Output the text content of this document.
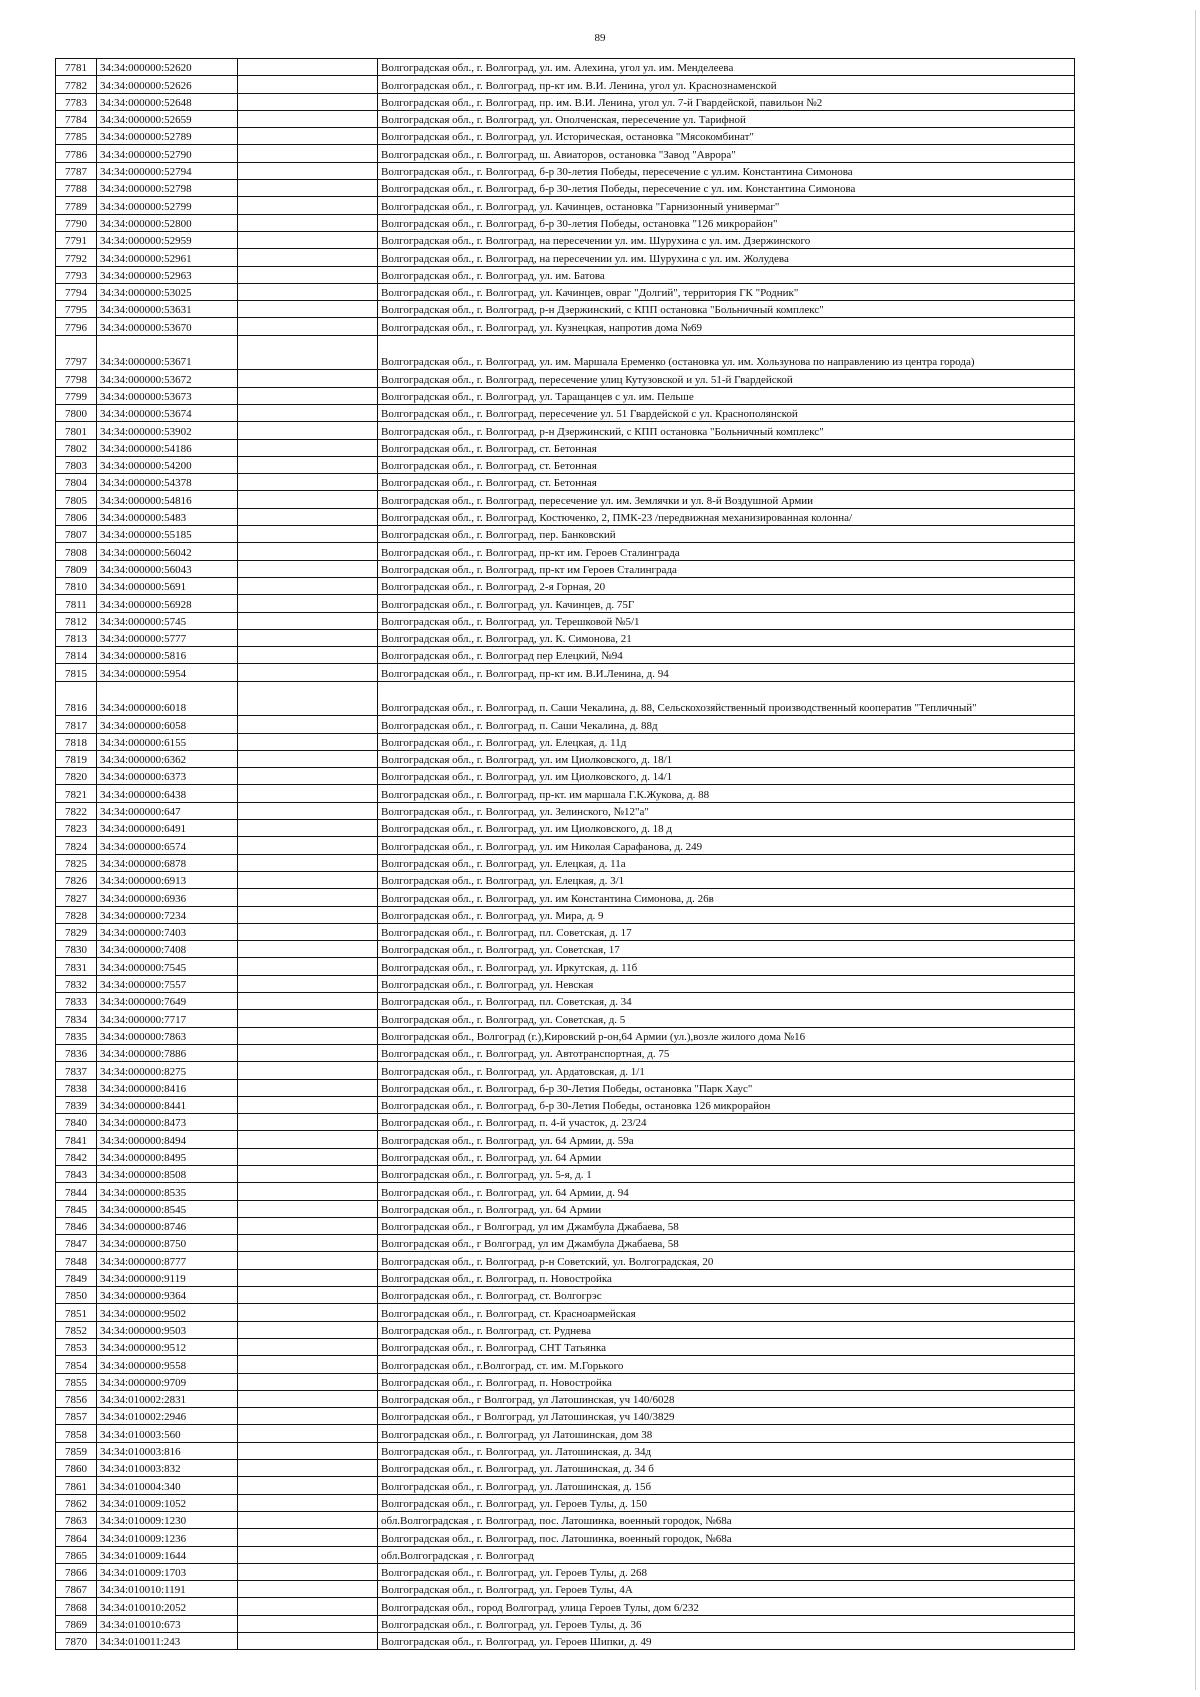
89
7781	34:34:000000:52620		Волгоградская обл., г. Волгоград, ул. им. Алехина, угол ул. им. Менделеева
7782	34:34:000000:52626		Волгоградская обл., г. Волгоград, пр-кт им. В.И. Ленина, угол ул. Краснознаменской
7783	34:34:000000:52648		Волгоградская обл., г. Волгоград, пр. им. В.И. Ленина, угол ул. 7-й Гвардейской, павильон №2
7784	34:34:000000:52659		Волгоградская обл., г. Волгоград, ул. Ополченская, пересечение ул. Тарифной
7785	34:34:000000:52789		Волгоградская обл., г. Волгоград, ул. Историческая, остановка "Мясокомбинат"
7786	34:34:000000:52790		Волгоградская обл., г. Волгоград, ш. Авиаторов, остановка "Завод "Аврора"
7787	34:34:000000:52794		Волгоградская обл., г. Волгоград, б-р 30-летия Победы, пересечение с ул.им. Константина Симонова
7788	34:34:000000:52798		Волгоградская обл., г. Волгоград, б-р 30-летия Победы, пересечение с ул. им. Константина Симонова
7789	34:34:000000:52799		Волгоградская обл., г. Волгоград, ул. Качинцев, остановка "Гарнизонный универмаг"
7790	34:34:000000:52800		Волгоградская обл., г. Волгоград, б-р 30-летия Победы, остановка "126 микрорайон"
7791	34:34:000000:52959		Волгоградская обл., г. Волгоград, на пересечении ул. им. Шурухина с ул. им. Дзержинского
7792	34:34:000000:52961		Волгоградская обл., г. Волгоград, на пересечении ул. им. Шурухина с ул. им. Жолудева
7793	34:34:000000:52963		Волгоградская обл., г. Волгоград, ул. им. Батова
7794	34:34:000000:53025		Волгоградская обл., г. Волгоград, ул. Качинцев, овраг "Долгий", территория ГК "Родник"
7795	34:34:000000:53631		Волгоградская обл., г. Волгоград, р-н Дзержинский, с КПП остановка "Больничный комплекс"
7796	34:34:000000:53670		Волгоградская обл., г. Волгоград, ул. Кузнецкая, напротив дома №69
7797	34:34:000000:53671		Волгоградская обл., г. Волгоград, ул. им. Маршала Еременко (остановка ул. им. Хользунова по направлению из центра города)
7798	34:34:000000:53672		Волгоградская обл., г. Волгоград, пересечение улиц Кутузовской и ул. 51-й Гвардейской
7799	34:34:000000:53673		Волгоградская обл., г. Волгоград, ул. Таращанцев с ул. им. Пельше
7800	34:34:000000:53674		Волгоградская обл., г. Волгоград, пересечение ул. 51 Гвардейской с ул. Краснополянской
7801	34:34:000000:53902		Волгоградская обл., г. Волгоград, р-н Дзержинский, с КПП остановка "Больничный комплекс"
7802	34:34:000000:54186		Волгоградская обл., г. Волгоград, ст. Бетонная
7803	34:34:000000:54200		Волгоградская обл., г. Волгоград, ст. Бетонная
7804	34:34:000000:54378		Волгоградская обл., г. Волгоград, ст. Бетонная
7805	34:34:000000:54816		Волгоградская обл., г. Волгоград, пересечение ул. им. Землячки и ул. 8-й Воздушной Армии
7806	34:34:000000:5483		Волгоградская обл., г. Волгоград, Костюченко, 2, ПМК-23 /передвижная механизированная колонна/
7807	34:34:000000:55185		Волгоградская обл., г. Волгоград, пер. Банковский
7808	34:34:000000:56042		Волгоградская обл., г. Волгоград, пр-кт им. Героев Сталинграда
7809	34:34:000000:56043		Волгоградская обл., г. Волгоград, пр-кт им Героев Сталинграда
7810	34:34:000000:5691		Волгоградская обл., г. Волгоград, 2-я Горная, 20
7811	34:34:000000:56928		Волгоградская обл., г. Волгоград, ул. Качинцев, д. 75Г
7812	34:34:000000:5745		Волгоградская обл., г. Волгоград, ул. Терешковой №5/1
7813	34:34:000000:5777		Волгоградская обл., г. Волгоград, ул. К. Симонова, 21
7814	34:34:000000:5816		Волгоградская обл., г. Волгоград пер Елецкий, №94
7815	34:34:000000:5954		Волгоградская обл., г. Волгоград, пр-кт им. В.И.Ленина, д. 94
7816	34:34:000000:6018		Волгоградская обл., г. Волгоград, п. Саши Чекалина, д. 88, Сельскохозяйственный производственный кооператив "Тепличный"
7817	34:34:000000:6058		Волгоградская обл., г. Волгоград, п. Саши Чекалина, д. 88д
7818	34:34:000000:6155		Волгоградская обл., г. Волгоград, ул. Елецкая, д. 11д
7819	34:34:000000:6362		Волгоградская обл., г. Волгоград, ул. им Циолковского, д. 18/1
7820	34:34:000000:6373		Волгоградская обл., г. Волгоград, ул. им Циолковского, д. 14/1
7821	34:34:000000:6438		Волгоградская обл., г. Волгоград, пр-кт. им маршала Г.К.Жукова, д. 88
7822	34:34:000000:647		Волгоградская обл., г. Волгоград, ул. Зелинского, №12"а"
7823	34:34:000000:6491		Волгоградская обл., г. Волгоград, ул. им Циолковского, д. 18 д
7824	34:34:000000:6574		Волгоградская обл., г. Волгоград, ул. им Николая Сарафанова, д. 249
7825	34:34:000000:6878		Волгоградская обл., г. Волгоград, ул. Елецкая, д. 11а
7826	34:34:000000:6913		Волгоградская обл., г. Волгоград, ул. Елецкая, д. 3/1
7827	34:34:000000:6936		Волгоградская обл., г. Волгоград, ул. им Константина Симонова, д. 26в
7828	34:34:000000:7234		Волгоградская обл., г. Волгоград, ул. Мира, д. 9
7829	34:34:000000:7403		Волгоградская обл., г. Волгоград, пл. Советская, д. 17
7830	34:34:000000:7408		Волгоградская обл., г. Волгоград, ул. Советская, 17
7831	34:34:000000:7545		Волгоградская обл., г. Волгоград, ул. Иркутская, д. 11б
7832	34:34:000000:7557		Волгоградская обл., г. Волгоград, ул. Невская
7833	34:34:000000:7649		Волгоградская обл., г. Волгоград, пл. Советская, д. 34
7834	34:34:000000:7717		Волгоградская обл., г. Волгоград, ул. Советская, д. 5
7835	34:34:000000:7863		Волгоградская обл., Волгоград (г.),Кировский р-он,64 Армии (ул.),возле жилого дома №16
7836	34:34:000000:7886		Волгоградская обл., г. Волгоград, ул. Автотранспортная, д. 75
7837	34:34:000000:8275		Волгоградская обл., г. Волгоград, ул. Ардатовская, д. 1/1
7838	34:34:000000:8416		Волгоградская обл., г. Волгоград, б-р 30-Летия Победы, остановка "Парк Хаус"
7839	34:34:000000:8441		Волгоградская обл., г. Волгоград, б-р 30-Летия Победы, остановка 126 микрорайон
7840	34:34:000000:8473		Волгоградская обл., г. Волгоград, п. 4-й участок, д. 23/24
7841	34:34:000000:8494		Волгоградская обл., г. Волгоград, ул. 64 Армии, д. 59а
7842	34:34:000000:8495		Волгоградская обл., г. Волгоград, ул. 64 Армии
7843	34:34:000000:8508		Волгоградская обл., г. Волгоград, ул. 5-я, д. 1
7844	34:34:000000:8535		Волгоградская обл., г. Волгоград, ул. 64 Армии, д. 94
7845	34:34:000000:8545		Волгоградская обл., г. Волгоград, ул. 64 Армии
7846	34:34:000000:8746		Волгоградская обл., г Волгоград, ул им Джамбула Джабаева, 58
7847	34:34:000000:8750		Волгоградская обл., г Волгоград, ул им Джамбула Джабаева, 58
7848	34:34:000000:8777		Волгоградская обл., г. Волгоград, р-н Советский, ул. Волгоградская, 20
7849	34:34:000000:9119		Волгоградская обл., г. Волгоград, п. Новостройка
7850	34:34:000000:9364		Волгоградская обл., г. Волгоград, ст. Волгогрэс
7851	34:34:000000:9502		Волгоградская обл., г. Волгоград, ст. Красноармейская
7852	34:34:000000:9503		Волгоградская обл., г. Волгоград, ст. Руднева
7853	34:34:000000:9512		Волгоградская обл., г. Волгоград, СНТ Татьянка
7854	34:34:000000:9558		Волгоградская обл., г.Волгоград, ст. им. М.Горького
7855	34:34:000000:9709		Волгоградская обл., г. Волгоград, п. Новостройка
7856	34:34:010002:2831		Волгоградская обл., г Волгоград, ул Латошинская, уч 140/6028
7857	34:34:010002:2946		Волгоградская обл., г Волгоград, ул Латошинская, уч 140/3829
7858	34:34:010003:560		Волгоградская обл., г. Волгоград, ул Латошинская, дом 38
7859	34:34:010003:816		Волгоградская обл., г. Волгоград, ул. Латошинская, д. 34д
7860	34:34:010003:832		Волгоградская обл., г. Волгоград, ул. Латошинская, д. 34 б
7861	34:34:010004:340		Волгоградская обл., г. Волгоград, ул. Латошинская, д. 15б
7862	34:34:010009:1052		Волгоградская обл., г. Волгоград, ул. Героев Тулы, д. 150
7863	34:34:010009:1230		обл.Волгоградская , г. Волгоград, пос. Латошинка, военный городок, №68а
7864	34:34:010009:1236		Волгоградская обл., г. Волгоград, пос. Латошинка, военный городок, №68а
7865	34:34:010009:1644		обл.Волгоградская , г. Волгоград
7866	34:34:010009:1703		Волгоградская обл., г. Волгоград, ул. Героев Тулы, д. 268
7867	34:34:010010:1191		Волгоградская обл., г. Волгоград, ул. Героев Тулы, 4А
7868	34:34:010010:2052		Волгоградская обл., город Волгоград, улица Героев Тулы, дом 6/232
7869	34:34:010010:673		Волгоградская обл., г. Волгоград, ул. Героев Тулы, д. 36
7870	34:34:010011:243		Волгоградская обл., г. Волгоград, ул. Героев Шипки, д. 49
